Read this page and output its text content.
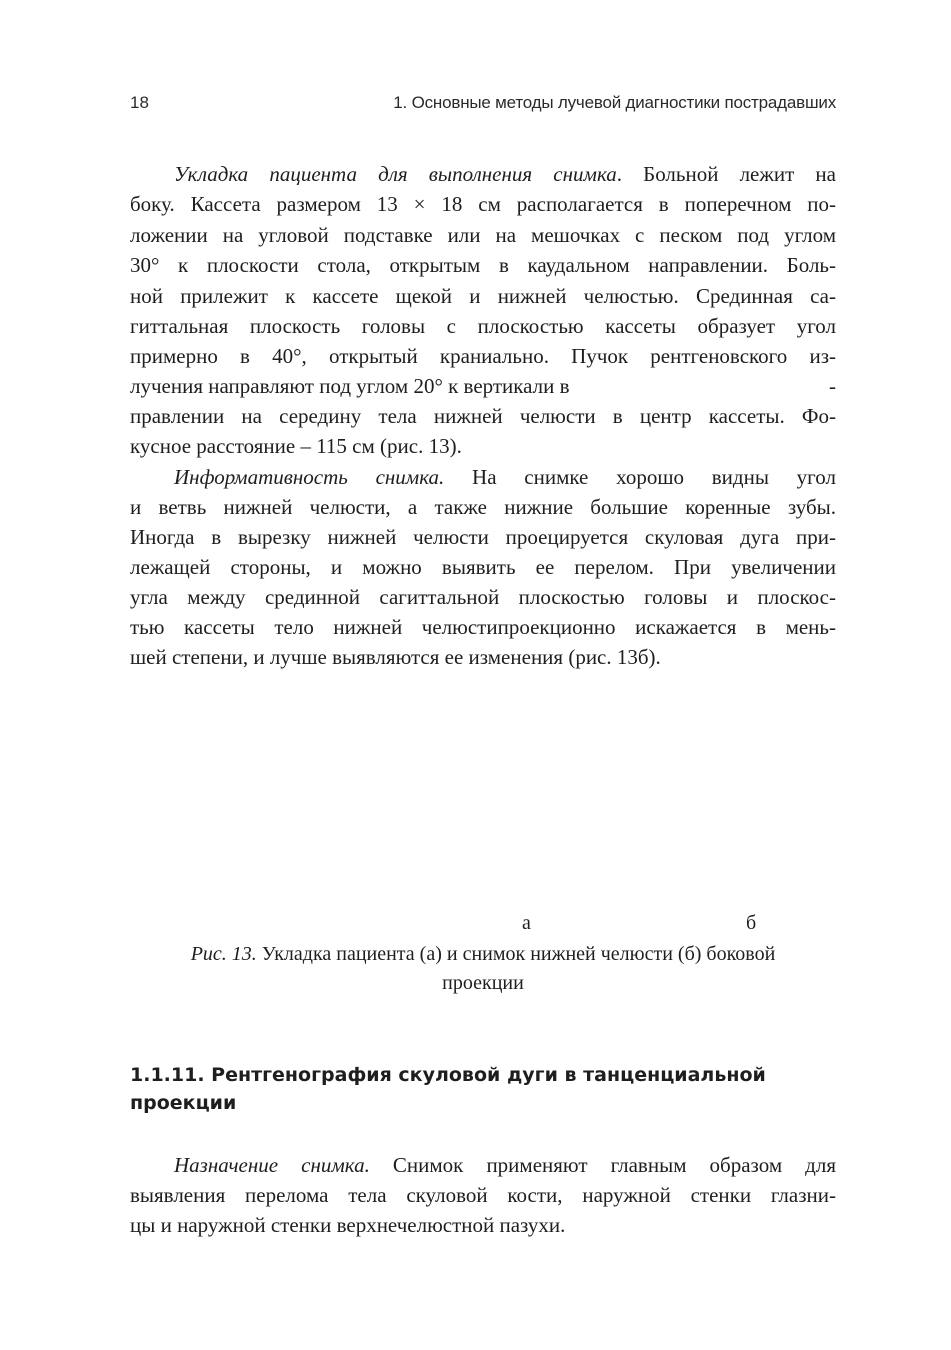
18	1. Основные методы лучевой диагностики пострадавших

Укладка пациента для выполнения снимка. Больной лежит на

боку. Кассета размером 13 × 18 см располагается в поперечном по-

ложении на угловой подставке или на мешочках с песком под углом

30° к плоскости стола, открытым в каудальном направлении. Боль-

ной прилежит к кассете щекой и нижней челюстью. Срединная са-

гиттальная плоскость головы с плоскостью кассеты образует угол

примерно в 40°, открытый краниально. Пучок рентгеновского из-

лучения направляют под углом 20° к вертикали в	-

правлении на середину тела нижней челюсти в центр кассеты. Фо-

кусное расстояние – 115 см (рис. 13).

Информативность снимка. На снимке хорошо видны угол

и ветвь нижней челюсти, а также нижние большие коренные зубы.

Иногда в вырезку нижней челюсти проецируется скуловая дуга при-

лежащей стороны, и можно выявить ее перелом. При увеличении

угла между срединной сагиттальной плоскостью головы и плоскос-

тью кассеты тело нижней челюстипроекционно искажается в мень-

шей степени, и лучше выявляются ее изменения (рис. 13б).

а	б
Рис. 13. Укладка пациента (а) и снимок нижней челюсти (б) боковой
проекции
1.1.11. Рентгенография скуловой дуги в танценциальной
проекции

Назначение снимка. Снимок применяют главным образом для

выявления перелома тела скуловой кости, наружной стенки глазни-

цы и наружной стенки верхнечелюстной пазухи.
